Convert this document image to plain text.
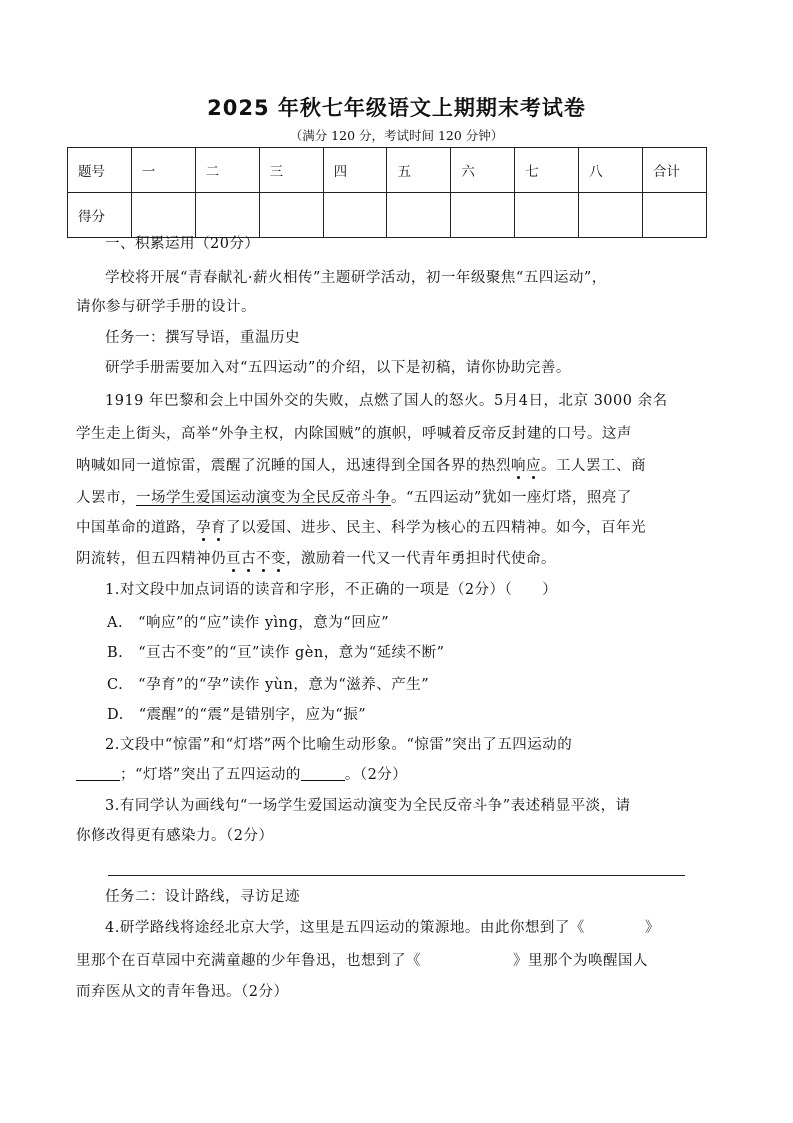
2025 年秋七年级语文上期期末考试卷
（满分 120 分，考试时间 120 分钟）
题号	一	二	三	四	五	六	七	八	合计
得分									
一、积累运用（20分）
学校将开展“青春献礼·薪火相传”主题研学活动，初一年级聚焦“五四运动”，
请你参与研学手册的设计。
任务一：撰写导语，重温历史
研学手册需要加入对“五四运动”的介绍，以下是初稿，请你协助完善。
1919 年巴黎和会上中国外交的失败，点燃了国人的怒火。5月4日，北京 3000 余名
学生走上街头，高举“外争主权，内除国贼”的旗帜，呼喊着反帝反封建的口号。这声
呐喊如同一道惊雷，震醒了沉睡的国人，迅速得到全国各界的热烈响应。工人罢工、商
人罢市，一场学生爱国运动演变为全民反帝斗争。“五四运动”犹如一座灯塔，照亮了
中国革命的道路，孕育了以爱国、进步、民主、科学为核心的五四精神。如今，百年光
阴流转，但五四精神仍亘古不变，激励着一代又一代青年勇担时代使命。
1.对文段中加点词语的读音和字形，不正确的一项是（2分）（　　）
A.　“响应”的“应”读作 yìng，意为“回应”
B.　“亘古不变”的“亘”读作 gèn，意为“延续不断”
C.　“孕育”的“孕”读作 yùn，意为“滋养、产生”
D.　“震醒”的“震”是错别字，应为“振”
2.文段中“惊雷”和“灯塔”两个比喻生动形象。“惊雷”突出了五四运动的
；“灯塔”突出了五四运动的	。（2分）
3.有同学认为画线句“一场学生爱国运动演变为全民反帝斗争”表述稍显平淡，请
你修改得更有感染力。（2分）
任务二：设计路线，寻访足迹
4.研学路线将途经北京大学，这里是五四运动的策源地。由此你想到了《	》
里那个在百草园中充满童趣的少年鲁迅，也想到了《	》里那个为唤醒国人
而弃医从文的青年鲁迅。（2分）
